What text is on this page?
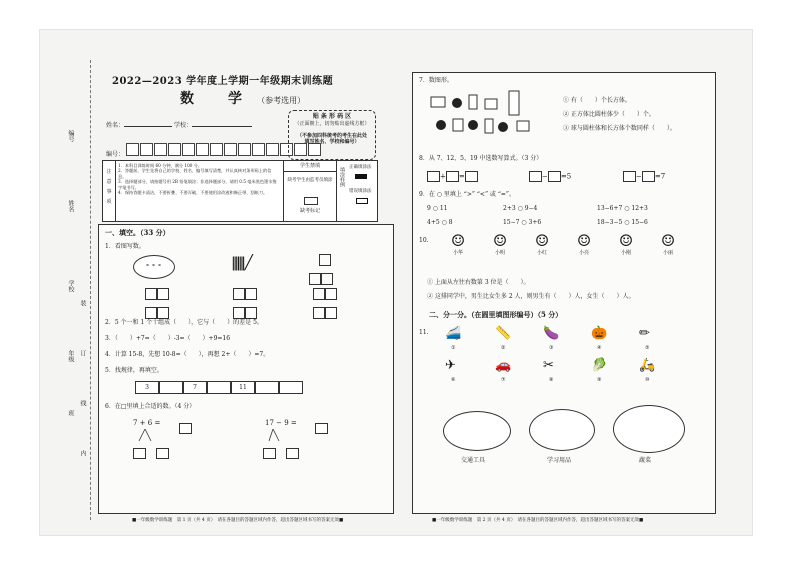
编号
姓名
学校
年级
班
装
订
线
内
2022—2023 学年度上学期一年级期末训练题
数　学 （参考选用）
姓名：	学校：
编号：
贴 条 形 码 区
（正面朝上，切勿贴出虚线方框）
（不参加四科统考的考生在此处
填写姓名、学校和编号）
注
意
事
项
1．本科目训练时间 60 分钟，满分 100 分。
2．答题前，学生先将自己的学校、姓名、编号填写清楚，并认真核对条形码上的信息。
3．选择题部分，请按题号用 2B 铅笔填涂；非选择题部分，请用 0.5 毫米黑色墨水签字笔书写。
4．保持答题卡清洁，不要折叠、不要弄破、不要使用涂改液和修正带、刮纸刀。
学生禁填
缺考学生由监考员填涂
缺考标记
填涂样例 正确填涂法
错误填涂法
一、填空。（33 分）
1．看图写数。
⚬⚬⚬	||||||| ╱

2．5 个一和 1 个十组成（　　），它与（　　）的差是 5。
3．（　　）+7=（　　）-3=（　　）+9=16
4．计算 15-8，先想 10-8=（　　），再想 2+（　　）=7。
5．找规律，再填空。
3	7	11
6．在□里填上合适的数。（4 分）
7 + 6 =
	17 − 9 =

■一年级数学训练题　第 1 页（共 4 页）　请在各题目的答题区域内作答，超出答题区域书写的答案无效■
7．数图形。
① 有（　　）个长方体。
② 正方体比圆柱体少（　　）个。
③ 球与圆柱体和长方体个数同样（　　）。
8．从 7、12、5、19 中选数写算式。（3 分）
+ =	− =5	− =7
9．在 ○ 里填上 “>” “<” 或 “=”。
9 ○ 11	2+3 ○ 9−4	13−6+7 ○ 12+3
4+5 ○ 8	15−7 ○ 3+6	18−3−5 ○ 15−6
10.	☺
小华
☺
小明
☺
小红
☺
小亮
☺
小刚
☺
小丽
① 上面从左往右数第 3 位是（　　）。
② 这排同学中，男生比女生多 2 人，则男生有（　　）人，女生（　　）人。
二、分一分。（在圆里填图形编号）（5 分）
11. 🚄	📏 🍆 🎃 ✏
①	②	③	④	⑤
✈	🚗 ✂	🥬 🛵
⑥	⑦	⑧	⑨	⑩
交通工具	学习用品	蔬菜
■一年级数学训练题　第 2 页（共 4 页）　请在各题目的答题区域内作答，超出答题区域书写的答案无效■
